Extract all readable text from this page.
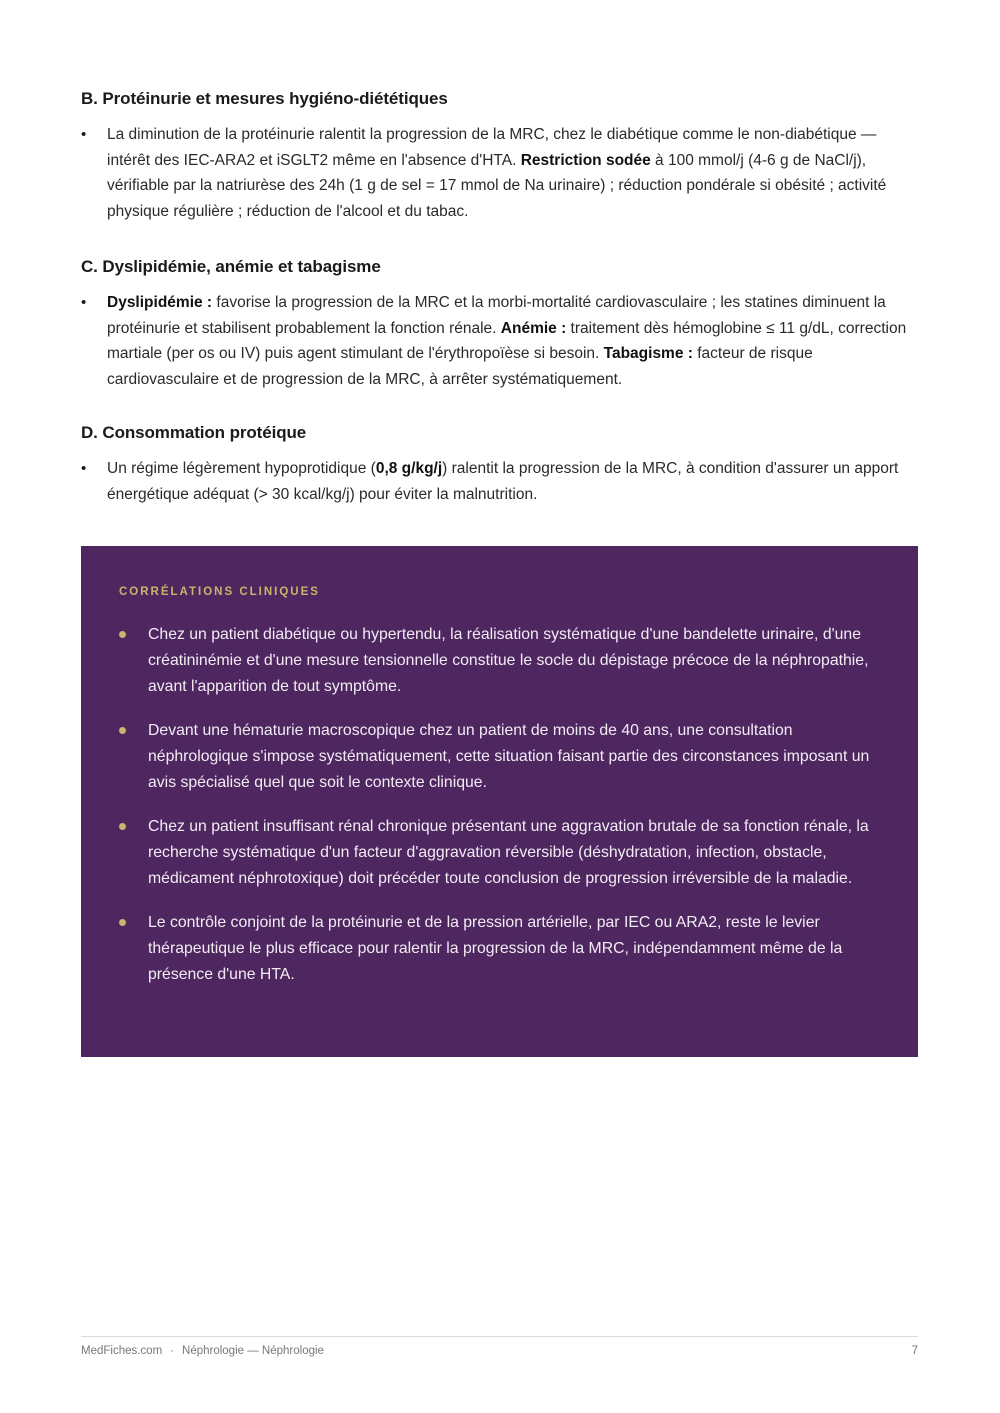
B. Protéinurie et mesures hygiéno-diététiques
• La diminution de la protéinurie ralentit la progression de la MRC, chez le diabétique comme le non-diabétique — intérêt des IEC-ARA2 et iSGLT2 même en l'absence d'HTA. Restriction sodée à 100 mmol/j (4-6 g de NaCl/j), vérifiable par la natriurèse des 24h (1 g de sel = 17 mmol de Na urinaire) ; réduction pondérale si obésité ; activité physique régulière ; réduction de l'alcool et du tabac.
C. Dyslipidémie, anémie et tabagisme
• Dyslipidémie : favorise la progression de la MRC et la morbi-mortalité cardiovasculaire ; les statines diminuent la protéinurie et stabilisent probablement la fonction rénale. Anémie : traitement dès hémoglobine ≤ 11 g/dL, correction martiale (per os ou IV) puis agent stimulant de l'érythropoïèse si besoin. Tabagisme : facteur de risque cardiovasculaire et de progression de la MRC, à arrêter systématiquement.
D. Consommation protéique
• Un régime légèrement hypoprotidique (0,8 g/kg/j) ralentit la progression de la MRC, à condition d'assurer un apport énergétique adéquat (> 30 kcal/kg/j) pour éviter la malnutrition.

CORRÉLATIONS CLINIQUES

Chez un patient diabétique ou hypertendu, la réalisation systématique d'une bandelette urinaire, d'une créatininémie et d'une mesure tensionnelle constitue le socle du dépistage précoce de la néphropathie, avant l'apparition de tout symptôme.
Devant une hématurie macroscopique chez un patient de moins de 40 ans, une consultation néphrologique s'impose systématiquement, cette situation faisant partie des circonstances imposant un avis spécialisé quel que soit le contexte clinique.
Chez un patient insuffisant rénal chronique présentant une aggravation brutale de sa fonction rénale, la recherche systématique d'un facteur d'aggravation réversible (déshydratation, infection, obstacle, médicament néphrotoxique) doit précéder toute conclusion de progression irréversible de la maladie.
Le contrôle conjoint de la protéinurie et de la pression artérielle, par IEC ou ARA2, reste le levier thérapeutique le plus efficace pour ralentir la progression de la MRC, indépendamment même de la présence d'une HTA.
MedFiches.com · Néphrologie — Néphrologie	7
